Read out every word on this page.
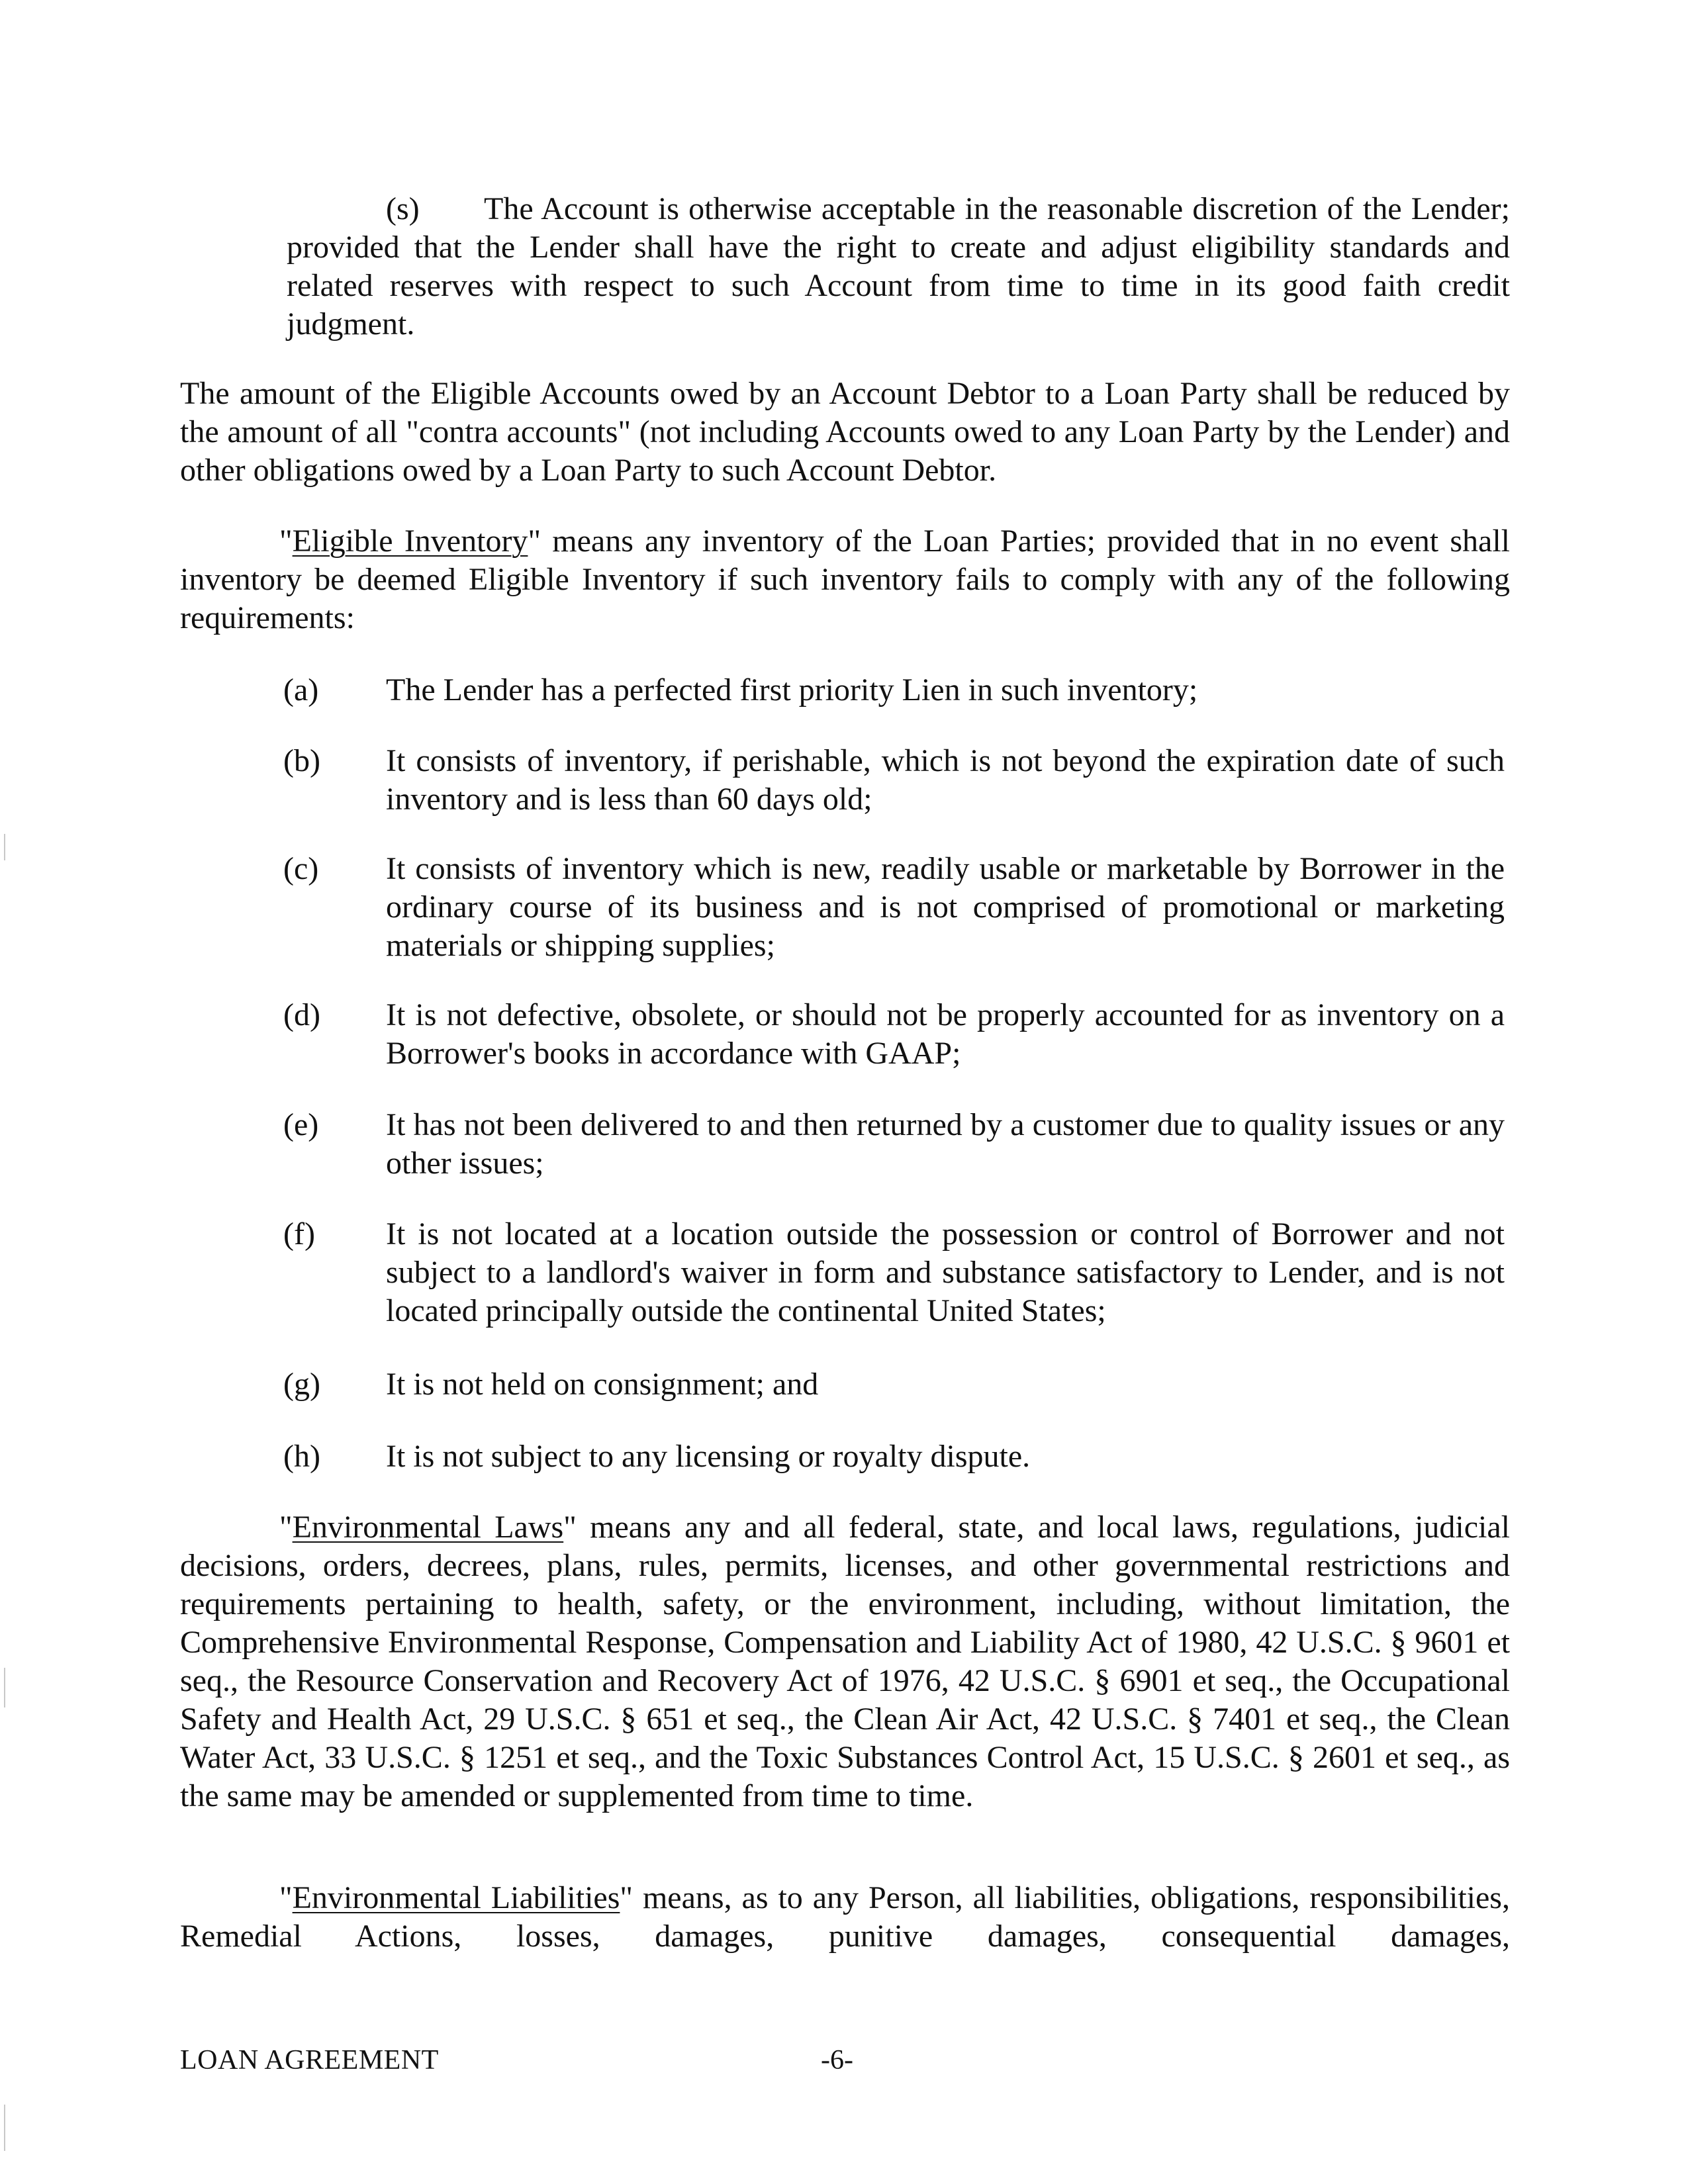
(s)	The Account is otherwise acceptable in the reasonable discretion of the Lender; provided that the Lender shall have the right to create and adjust eligibility standards and related reserves with respect to such Account from time to time in its good faith credit judgment.
The amount of the Eligible Accounts owed by an Account Debtor to a Loan Party shall be reduced by the amount of all "contra accounts" (not including Accounts owed to any Loan Party by the Lender) and other obligations owed by a Loan Party to such Account Debtor.
"Eligible Inventory" means any inventory of the Loan Parties; provided that in no event shall inventory be deemed Eligible Inventory if such inventory fails to comply with any of the following requirements:
(a) The Lender has a perfected first priority Lien in such inventory;
(b) It consists of inventory, if perishable, which is not beyond the expiration date of such inventory and is less than 60 days old;
(c) It consists of inventory which is new, readily usable or marketable by Borrower in the ordinary course of its business and is not comprised of promotional or marketing materials or shipping supplies;
(d) It is not defective, obsolete, or should not be properly accounted for as inventory on a Borrower's books in accordance with GAAP;
(e) It has not been delivered to and then returned by a customer due to quality issues or any other issues;
(f) It is not located at a location outside the possession or control of Borrower and not subject to a landlord's waiver in form and substance satisfactory to Lender, and is not located principally outside the continental United States;
(g) It is not held on consignment; and
(h) It is not subject to any licensing or royalty dispute.
"Environmental Laws" means any and all federal, state, and local laws, regulations, judicial decisions, orders, decrees, plans, rules, permits, licenses, and other governmental restrictions and requirements pertaining to health, safety, or the environment, including, without limitation, the Comprehensive Environmental Response, Compensation and Liability Act of 1980, 42 U.S.C. § 9601 et seq., the Resource Conservation and Recovery Act of 1976, 42 U.S.C. § 6901 et seq., the Occupational Safety and Health Act, 29 U.S.C. § 651 et seq., the Clean Air Act, 42 U.S.C. § 7401 et seq., the Clean Water Act, 33 U.S.C. § 1251 et seq., and the Toxic Substances Control Act, 15 U.S.C. § 2601 et seq., as the same may be amended or supplemented from time to time.
"Environmental Liabilities" means, as to any Person, all liabilities, obligations, responsibilities, Remedial Actions, losses, damages, punitive damages, consequential damages,
LOAN AGREEMENT	-6-
